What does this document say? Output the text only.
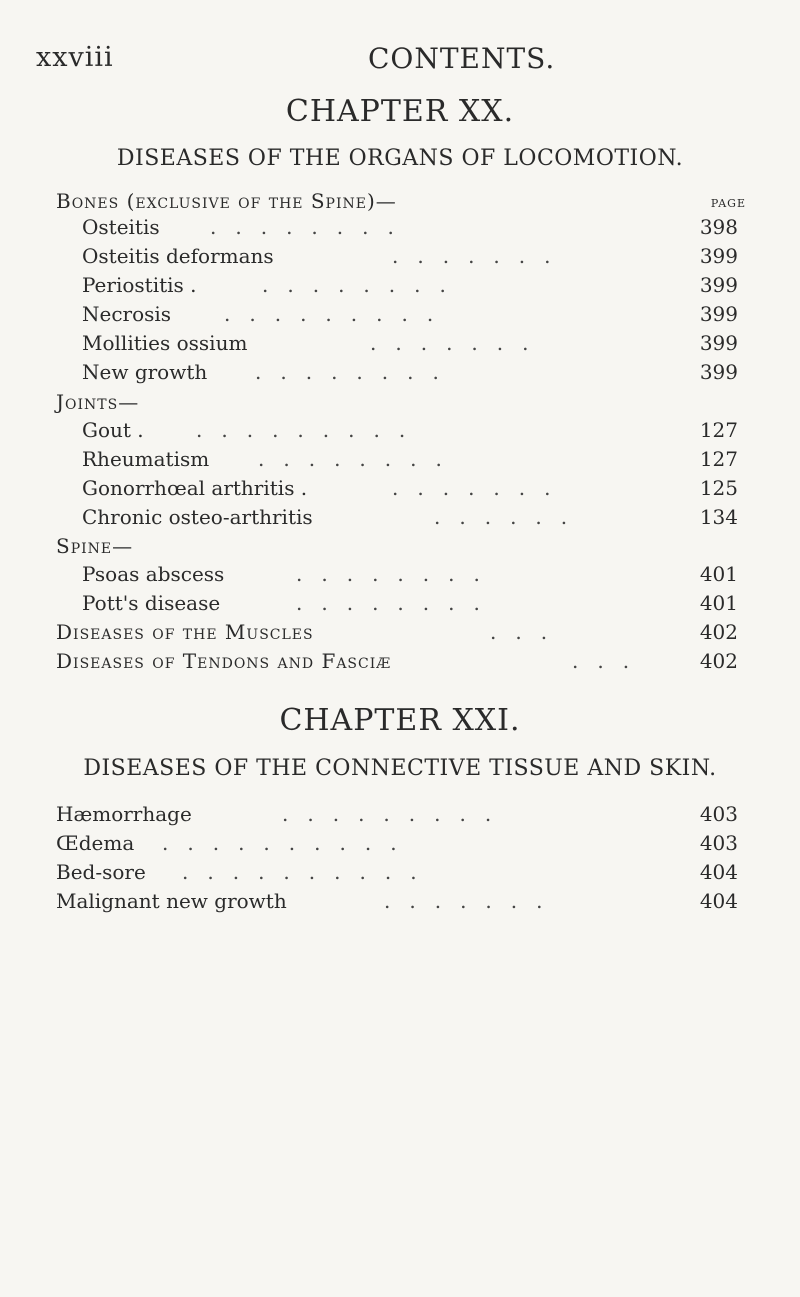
xxviii	CONTENTS.
CHAPTER XX.
DISEASES OF THE ORGANS OF LOCOMOTION.
Bones (exclusive of the Spine)—	PAGE
Osteitis	........	398
Osteitis deformans	.......	399
Periostitis .	........	399
Necrosis	.........	399
Mollities ossium	.......	399
New growth ........	399
Joints—
Gout .	.........	127
Rheumatism ........	127
Gonorrhœal arthritis .	.......	125
Chronic osteo-arthritis	......	134
Spine—
Psoas abscess	........	401
Pott's disease	........	401
Diseases of the Muscles	...	402
Diseases of Tendons and Fasciæ	...	402
CHAPTER XXI.
DISEASES OF THE CONNECTIVE TISSUE AND SKIN.
Hæmorrhage	.........	403
Œdema ..........	403
Bed-sore ..........	404
Malignant new growth	.......	404
